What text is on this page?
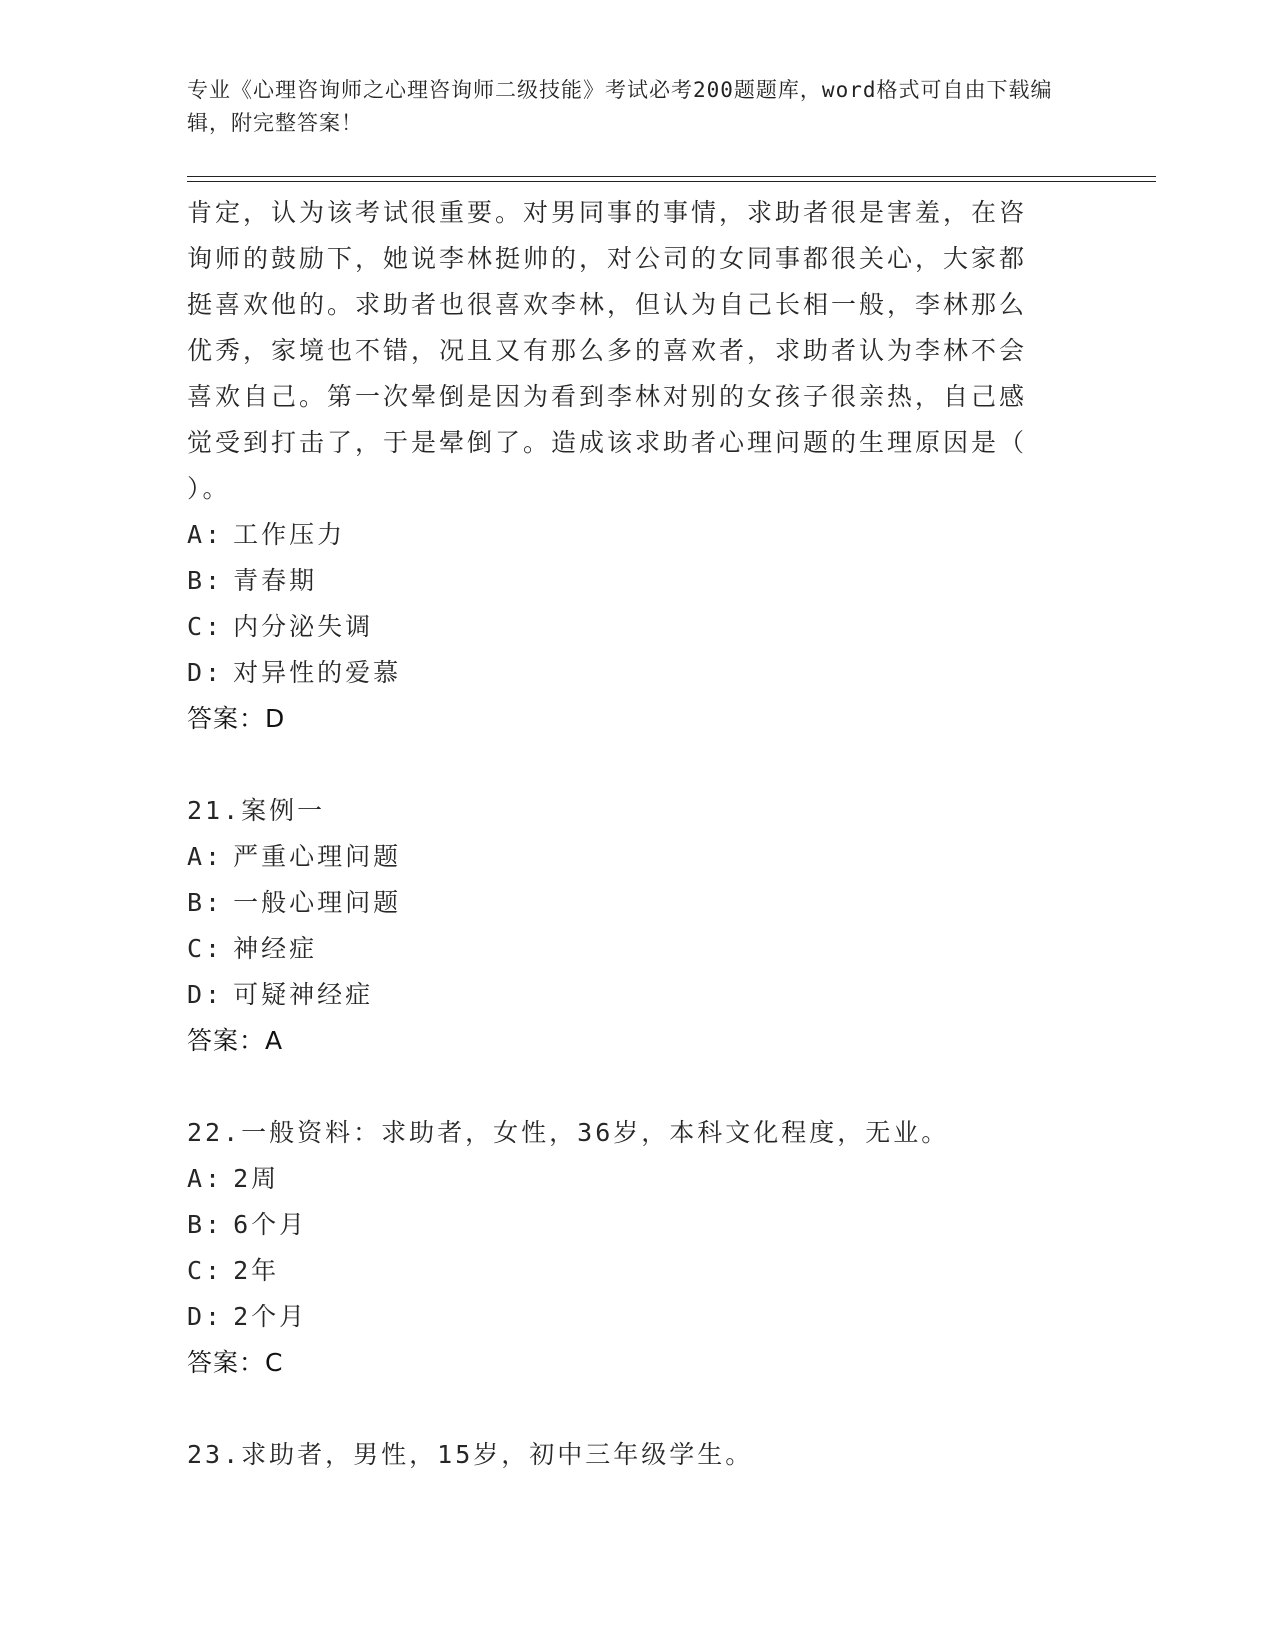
专业《心理咨询师之心理咨询师二级技能》考试必考200题题库，word格式可自由下载编辑，附完整答案！
肯定，认为该考试很重要。对男同事的事情，求助者很是害羞，在咨
询师的鼓励下，她说李林挺帅的，对公司的女同事都很关心，大家都
挺喜欢他的。求助者也很喜欢李林，但认为自己长相一般，李林那么
优秀，家境也不错，况且又有那么多的喜欢者，求助者认为李林不会
喜欢自己。第一次晕倒是因为看到李林对别的女孩子很亲热，自己感
觉受到打击了，于是晕倒了。造成该求助者心理问题的生理原因是（
）。
A: 工作压力
B: 青春期
C: 内分泌失调
D: 对异性的爱慕
答案：D
21.案例一
A: 严重心理问题
B: 一般心理问题
C: 神经症
D: 可疑神经症
答案：A
22.一般资料：求助者，女性，36岁，本科文化程度，无业。
A: 2周
B: 6个月
C: 2年
D: 2个月
答案：C
23.求助者，男性，15岁，初中三年级学生。
